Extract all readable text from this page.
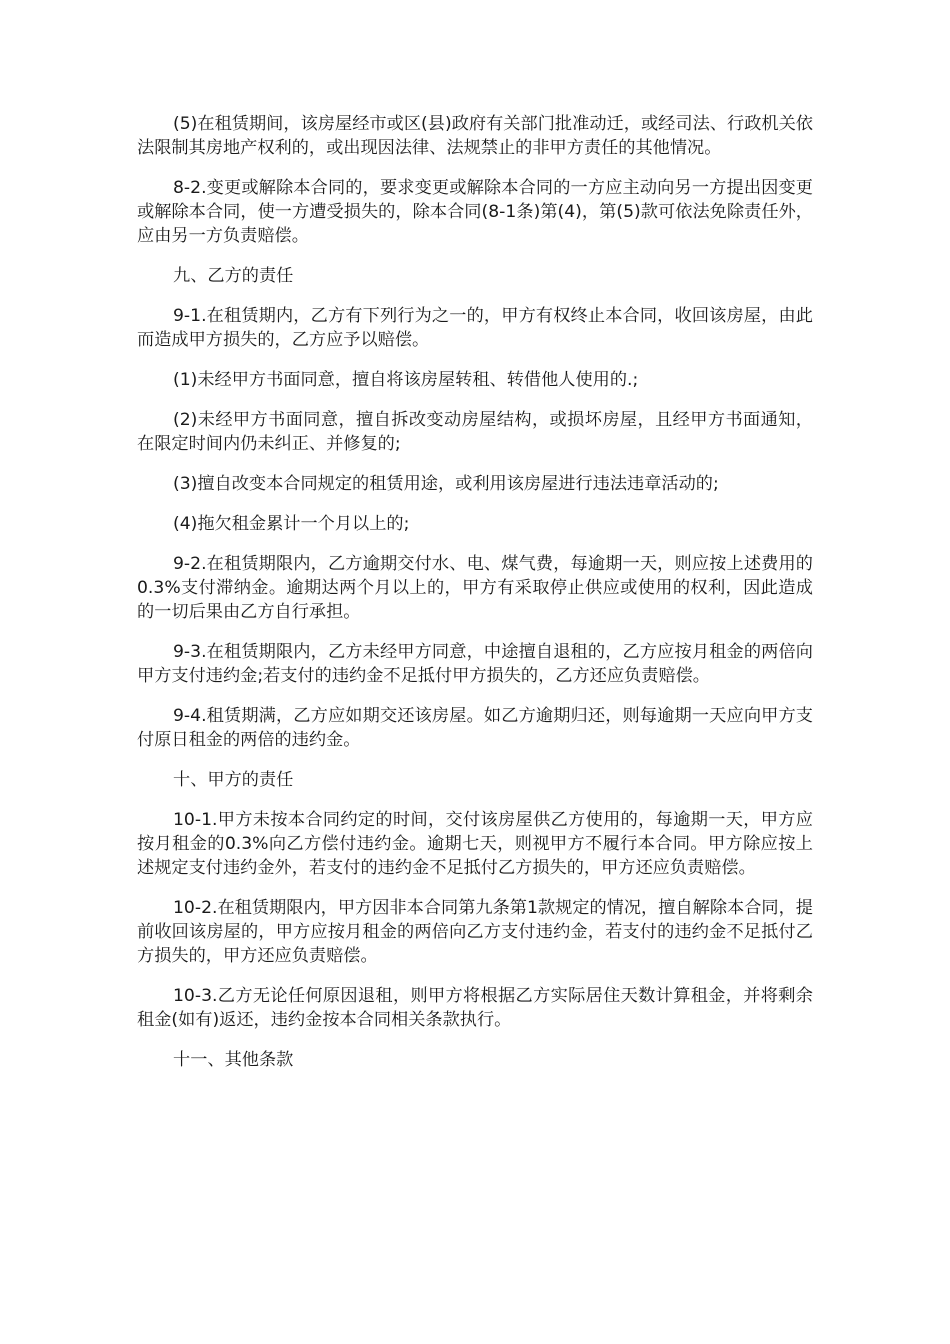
(5)在租赁期间，该房屋经市或区(县)政府有关部门批准动迁，或经司法、行政机关依法限制其房地产权利的，或出现因法律、法规禁止的非甲方责任的其他情况。

8-2.变更或解除本合同的，要求变更或解除本合同的一方应主动向另一方提出因变更或解除本合同，使一方遭受损失的，除本合同(8-1条)第(4)，第(5)款可依法免除责任外，应由另一方负责赔偿。

九、乙方的责任

9-1.在租赁期内，乙方有下列行为之一的，甲方有权终止本合同，收回该房屋，由此而造成甲方损失的，乙方应予以赔偿。

(1)未经甲方书面同意，擅自将该房屋转租、转借他人使用的.;

(2)未经甲方书面同意，擅自拆改变动房屋结构，或损坏房屋，且经甲方书面通知，在限定时间内仍未纠正、并修复的;

(3)擅自改变本合同规定的租赁用途，或利用该房屋进行违法违章活动的;

(4)拖欠租金累计一个月以上的;

9-2.在租赁期限内，乙方逾期交付水、电、煤气费，每逾期一天，则应按上述费用的0.3%支付滞纳金。逾期达两个月以上的，甲方有采取停止供应或使用的权利，因此造成的一切后果由乙方自行承担。

9-3.在租赁期限内，乙方未经甲方同意，中途擅自退租的，乙方应按月租金的两倍向甲方支付违约金;若支付的违约金不足抵付甲方损失的，乙方还应负责赔偿。

9-4.租赁期满，乙方应如期交还该房屋。如乙方逾期归还，则每逾期一天应向甲方支付原日租金的两倍的违约金。

十、甲方的责任

10-1.甲方未按本合同约定的时间，交付该房屋供乙方使用的，每逾期一天，甲方应按月租金的0.3%向乙方偿付违约金。逾期七天，则视甲方不履行本合同。甲方除应按上述规定支付违约金外，若支付的违约金不足抵付乙方损失的，甲方还应负责赔偿。

10-2.在租赁期限内，甲方因非本合同第九条第1款规定的情况，擅自解除本合同，提前收回该房屋的，甲方应按月租金的两倍向乙方支付违约金，若支付的违约金不足抵付乙方损失的，甲方还应负责赔偿。

10-3.乙方无论任何原因退租，则甲方将根据乙方实际居住天数计算租金，并将剩余租金(如有)返还，违约金按本合同相关条款执行。

十一、其他条款
